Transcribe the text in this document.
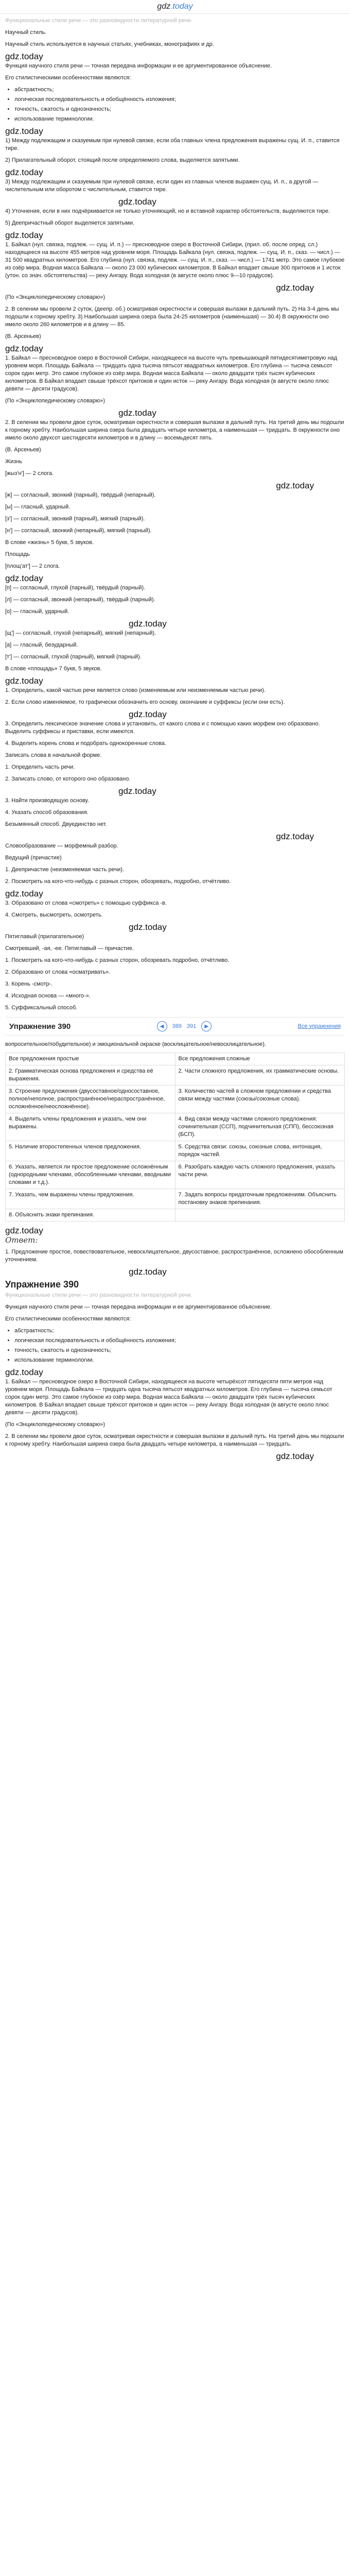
gdz.today

Функциональные стили речи — это разновидности литературной речи.

Научный стиль.

Научный стиль используется в научных статьях, учебниках, монографиях и др.

gdz.today

Функция научного стиля речи — точная передача информации и ее аргументированное объяснение.

Его стилистическими особенностями являются:

• абстрактность;
• логическая последовательность и обобщённость изложения;
• точность, сжатость и однозначность;
• использование терминологии.
gdz.today

1) Между подлежащим и сказуемым при нулевой связке, если оба главных члена предложения выражены сущ. И. п., ставится тире.

2) Прилагательный оборот, стоящий после определяемого слова, выделяется запятыми.

gdz.today

3) Между подлежащим и сказуемым при нулевой связке, если один из главных членов выражен сущ. И. п., а другой — числительным или оборотом с числительным, ставится тире.

gdz.today

4) Уточнения, если в них подчёркивается не только уточняющий, но и вставной характер обстоятельств, выделяются тире.

5) Деепричастный оборот выделяется запятыми.

gdz.today

1. Байкал (нул. связка, подлеж. — сущ. И. п.) — пресноводное озеро в Восточной Сибири, (прил. об. после опред. сл.) находящееся на высоте 455 метров над уровнем моря. Площадь Байкала (нул. связка, подлеж. — сущ. И. п., сказ. — числ.) — 31 500 квадратных километров. Его глубина (нул. связка, подлеж. — сущ. И. п., сказ. — числ.) — 1741 метр. Это самое глубокое из озёр мира. Водная масса Байкала — около 23 000 кубических километров. В Байкал впадает свыше 300 притоков и 1 исток (утон. со знач. обстоятельства) — реку Ангару. Вода холодная (в августе около плюс 9—10 градусов).

gdz.today

(По «Энциклопедическому словарю»)

2. В селении мы провели 2 суток, (деепр. об.) осматривая окрестности и совершая вылазки в дальний путь. 2) На 3-4 день мы подошли к горному хребту. 3) Наибольшая ширина озера была 24-25 километров (наименьшая) — 30.4) В окружности оно имело около 260 километров и в длину — 85.

(В. Арсеньев)

gdz.today

1. Байкал — пресноводное озеро в Восточной Сибири, находящееся на высоте чуть превышающей пятидесятиметровую над уровнем моря. Площадь Байкала — тридцать одна тысяча пятьсот квадратных километров. Его глубина — тысяча семьсот сорок один метр. Это самое глубокое из озёр мира. Водная масса Байкала — около двадцати трёх тысяч кубических километров. В Байкал впадает свыше трёхсот притоков и один исток — реку Ангару. Вода холодная (в августе около плюс девяти — десяти градусов).

(По «Энциклопедическому словарю»)

gdz.today

2. В селении мы провели двое суток, осматривая окрестности и совершая вылазки в дальний путь. На третий день мы подошли к горному хребту. Наибольшая ширина озера была двадцать четыре километра, а наименьшая — тридцать. В окружности оно имело около двухсот шестидесяти километров и в длину — восемьдесят пять.

(В. Арсеньев)

Жизнь

[жыз'н'] — 2 слога.

gdz.today

[ж] — согласный, звонкий (парный), твёрдый (непарный).

[ы] — гласный, ударный.

[з'] — согласный, звонкий (парный), мягкий (парный).

[н'] — согласный, звонкий (непарный), мягкий (парный).

В слове «жизнь» 5 букв, 5 звуков.

Площадь

[площ'ат'] — 2 слога.

gdz.today

[п] — согласный, глухой (парный), твёрдый (парный).

[л] — согласный, звонкий (непарный), твёрдый (парный).

[о] — гласный, ударный.

gdz.today

[щ'] — согласный, глухой (непарный), мягкий (непарный).

[а] — гласный, безударный.

[т'] — согласный, глухой (парный), мягкий (парный).

В слове «площадь» 7 букв, 5 звуков.

gdz.today

1. Определить, какой частью речи является слово (изменяемым или неизменяемым частью речи).

2. Если слово изменяемое, то графически обозначить его основу, окончание и суффиксы (если они есть).

gdz.today

3. Определить лексическое значение слова и установить, от какого слова и с помощью каких морфем оно образовано. Выделить суффиксы и приставки, если имеются.

4. Выделить корень слова и подобрать однокоренные слова.

Записать слова в начальной форме.

1. Определить часть речи.

2. Записать слово, от которого оно образовано.

gdz.today

3. Найти производящую основу.

4. Указать способ образования.

Безымянный способ. Двуединство нет.

gdz.today

Словообразование — морфемный разбор.

Ведущий (причастие)

1. Деепричастие (неизменяемая часть речи).

2. Посмотреть на кого-что-нибудь с разных сторон, обозревать, подробно, отчётливо.

gdz.today

3. Образовано от слова «смотреть» с помощью суффикса -в.

4. Смотреть, высмотреть, осмотреть.

gdz.today

Пятиглавый (прилагательное)

Смотревший, -ая, -ее. Пятиглавый — причастие.

1. Посмотреть на кого-что-нибудь с разных сторон, обозревать подробно, отчётливо.

2. Образовано от слова «осматривать».

3. Корень -смотр-.

4. Исходная основа — «много-».

5. Суффиксальный способ.

Упражнение 390	◀	389 391	▶	Все упражнения

вопросительное/побудительное) и эмоциональной окраске (восклицательное/невосклицательное).

Все предложения простые	Все предложения сложные
2. Грамматическая основа предложения и средства её выражения.	2. Части сложного предложения, их грамматические основы.
3. Строение предложения (двусоставное/односоставное, полное/неполное, распространённое/нераспространённое, осложнённое/неосложнённое).	3. Количество частей в сложном предложении и средства связи между частями (союзы/союзные слова).
4. Выделить члены предложения и указать, чем они выражены.	4. Вид связи между частями сложного предложения: сочинительная (ССП), подчинительная (СПП), бессоюзная (БСП).
5. Наличие второстепенных членов предложения.	5. Средства связи: союзы, союзные слова, интонация, порядок частей.
6. Указать, является ли простое предложение осложнённым (однородными членами, обособленными членами, вводными словами и т.д.).	6. Разобрать каждую часть сложного предложения, указать части речи.
7. Указать, чем выражены члены предложения.	7. Задать вопросы придаточным предложениям. Объяснить постановку знаков препинания.
8. Объяснить знаки препинания.	
gdz.today

Ответ:

1. Предложение простое, повествовательное, невосклицательное, двусоставное, распространённое, осложнено обособленным уточнением.

gdz.today
Упражнение 390

Функциональные стили речи — это разновидности литературной речи.

Функция научного стиля речи — точная передача информации и ее аргументированное объяснение.

Его стилистическими особенностями являются:

• абстрактность;
• логическая последовательность и обобщённость изложения;
• точность, сжатость и однозначность;
• использование терминологии.
gdz.today

1. Байкал — пресноводное озеро в Восточной Сибири, находящееся на высоте четырёхсот пятидесяти пяти метров над уровнем моря. Площадь Байкала — тридцать одна тысяча пятьсот квадратных километров. Его глубина — тысяча семьсот сорок один метр. Это самое глубокое из озёр мира. Водная масса Байкала — около двадцати трёх тысяч кубических километров. В Байкал впадает свыше трёхсот притоков и один исток — реку Ангару. Вода холодная (в августе около плюс девяти — десяти градусов).

(По «Энциклопедическому словарю»)

2. В селении мы провели двое суток, осматривая окрестности и совершая вылазки в дальний путь. На третий день мы подошли к горному хребту. Наибольшая ширина озера была двадцать четыре километра, а наименьшая — тридцать.

gdz.today
